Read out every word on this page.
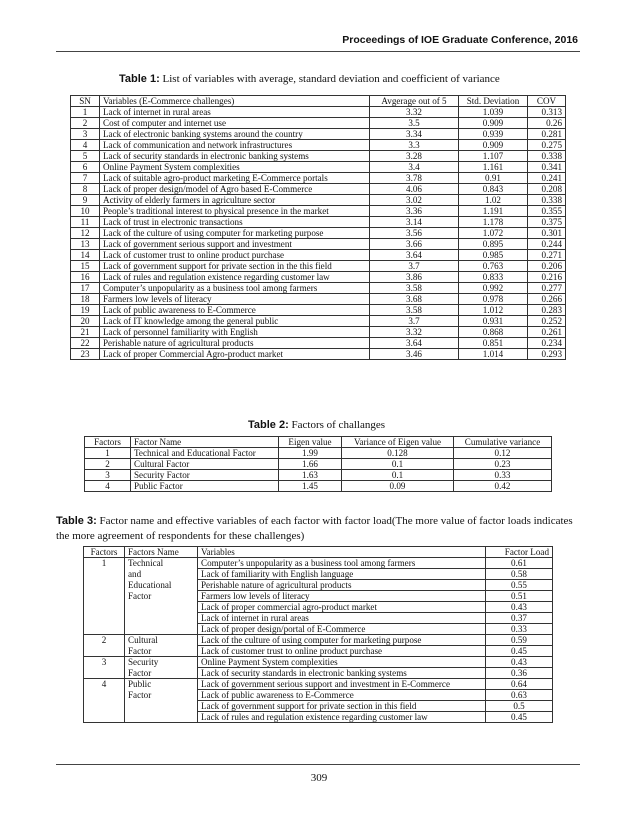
Proceedings of IOE Graduate Conference, 2016
Table 1: List of variables with average, standard deviation and coefficient of variance
SN	Variables (E-Commerce challenges)	Avgerage out of 5	Std. Deviation	COV
1	Lack of internet in rural areas	3.32	1.039	0.313
2	Cost of computer and internet use	3.5	0.909	0.26
3	Lack of electronic banking systems around the country	3.34	0.939	0.281
4	Lack of communication and network infrastructures	3.3	0.909	0.275
5	Lack of security standards in electronic banking systems	3.28	1.107	0.338
6	Online Payment System complexities	3.4	1.161	0.341
7	Lack of suitable agro-product marketing E-Commerce portals	3.78	0.91	0.241
8	Lack of proper design/model of Agro based E-Commerce	4.06	0.843	0.208
9	Activity of elderly farmers in agriculture sector	3.02	1.02	0.338
10	People’s traditional interest to physical presence in the market	3.36	1.191	0.355
11	Lack of trust in electronic transactions	3.14	1.178	0.375
12	Lack of the culture of using computer for marketing purpose	3.56	1.072	0.301
13	Lack of government serious support and investment	3.66	0.895	0.244
14	Lack of customer trust to online product purchase	3.64	0.985	0.271
15	Lack of government support for private section in the this field	3.7	0.763	0.206
16	Lack of rules and regulation existence regarding customer law	3.86	0.833	0.216
17	Computer’s unpopularity as a business tool among farmers	3.58	0.992	0.277
18	Farmers low levels of literacy	3.68	0.978	0.266
19	Lack of public awareness to E-Commerce	3.58	1.012	0.283
20	Lack of IT knowledge among the general public	3.7	0.931	0.252
21	Lack of personnel familiarity with English	3.32	0.868	0.261
22	Perishable nature of agricultural products	3.64	0.851	0.234
23	Lack of proper Commercial Agro-product market	3.46	1.014	0.293
Table 2: Factors of challanges
Factors	Factor Name	Eigen value	Variance of Eigen value	Cumulative variance
1	Technical and Educational Factor	1.99	0.128	0.12
2	Cultural Factor	1.66	0.1	0.23
3	Security Factor	1.63	0.1	0.33
4	Public Factor	1.45	0.09	0.42
Table 3: Factor name and effective variables of each factor with factor load(The more value of factor loads indicates the more agreement of respondents for these challenges)
Factors	Factors Name	Variables	Factor Load
1	Technical	Computer’s unpopularity as a business tool among farmers	0.61
	and	Lack of familiarity with English language	0.58
	Educational	Perishable nature of agricultural products	0.55
	Factor	Farmers low levels of literacy	0.51
		Lack of proper commercial agro-product market	0.43
		Lack of internet in rural areas	0.37
		Lack of proper design/portal of E-Commerce	0.33
2	Cultural	Lack of the culture of using computer for marketing purpose	0.59
	Factor	Lack of customer trust to online product purchase	0.45
3	Security	Online Payment System complexities	0.43
	Factor	Lack of security standards in electronic banking systems	0.36
4	Public	Lack of government serious support and investment in E-Commerce	0.64
	Factor	Lack of public awareness to E-Commerce	0.63
		Lack of government support for private section in this field	0.5
		Lack of rules and regulation existence regarding customer law	0.45
309
